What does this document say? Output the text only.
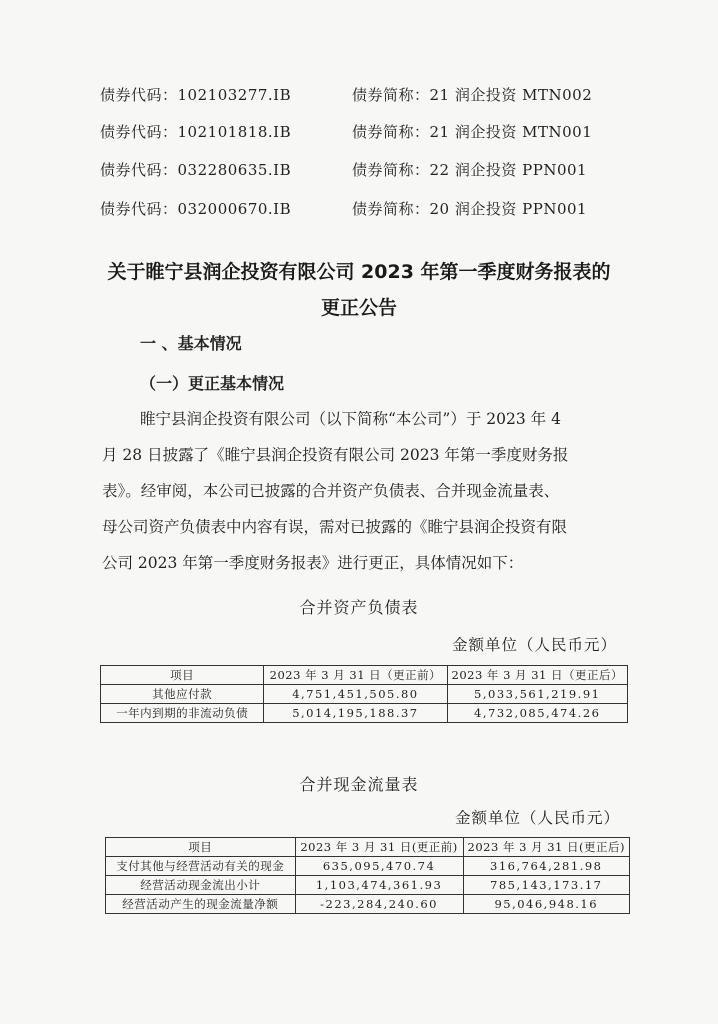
债券代码：102103277.IB	债券简称：21 润企投资 MTN002
债券代码：102101818.IB	债券简称：21 润企投资 MTN001
债券代码：032280635.IB	债券简称：22 润企投资 PPN001
债券代码：032000670.IB	债券简称：20 润企投资 PPN001
关于睢宁县润企投资有限公司 2023 年第一季度财务报表的
更正公告
一 、基本情况
（一）更正基本情况
睢宁县润企投资有限公司（以下简称“本公司”）于 2023 年 4
月 28 日披露了《睢宁县润企投资有限公司 2023 年第一季度财务报
表》。经审阅，本公司已披露的合并资产负债表、合并现金流量表、
母公司资产负债表中内容有误，需对已披露的《睢宁县润企投资有限
公司 2023 年第一季度财务报表》进行更正，具体情况如下：
合并资产负债表
金额单位（人民币元）
项目	2023 年 3 月 31 日（更正前）	2023 年 3 月 31 日（更正后）
其他应付款	4,751,451,505.80	5,033,561,219.91
一年内到期的非流动负债	5,014,195,188.37	4,732,085,474.26
合并现金流量表
金额单位（人民币元）
项目	2023 年 3 月 31 日(更正前)	2023 年 3 月 31 日(更正后)
支付其他与经营活动有关的现金	635,095,470.74	316,764,281.98
经营活动现金流出小计	1,103,474,361.93	785,143,173.17
经营活动产生的现金流量净额	-223,284,240.60	95,046,948.16
